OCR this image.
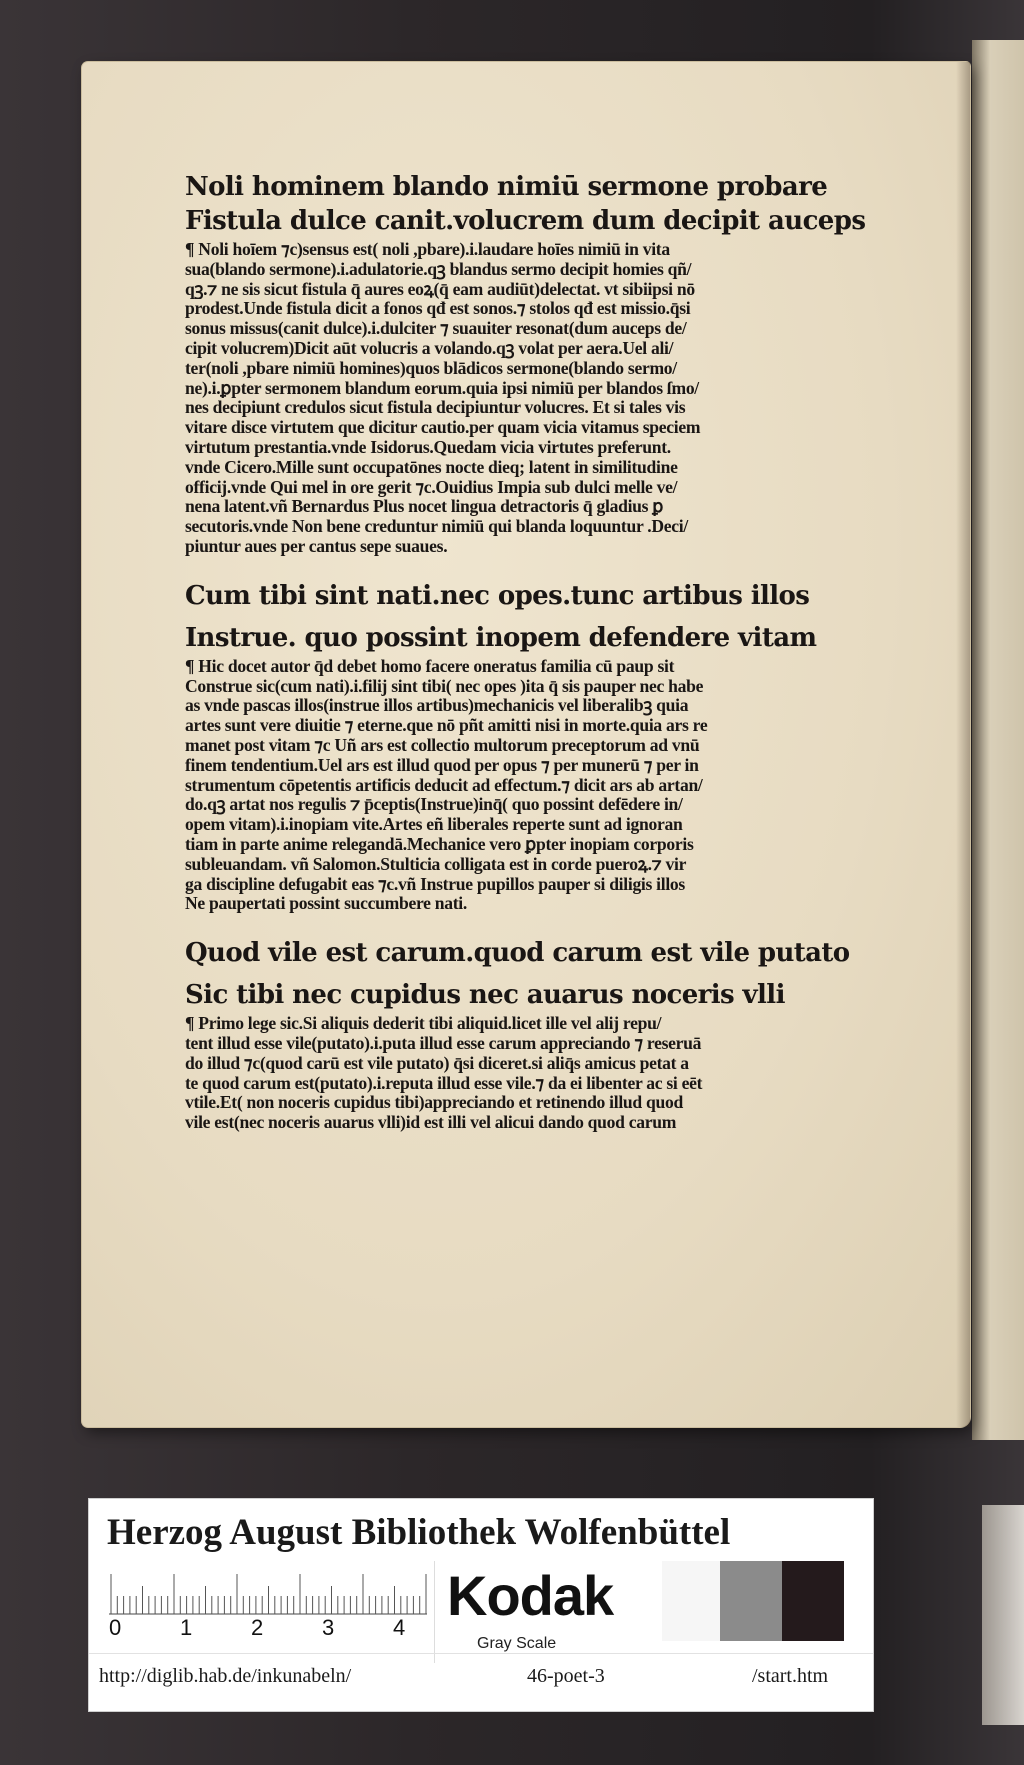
Noli hominem blando nimiū sermone probare

Fistula dulce canit.volucrem dum decipit auceps

¶ Noli hoīem ⁊c)sensus est( noli ,pbare).i.laudare hoīes nimiū in vita
sua(blando sermone).i.adulatorie.qꝫ blandus sermo decipit homies qñ/
qꝫ.⁊ ne sis sicut fistula q̄ aures eoꝝ(q̄ eam audiūt)delectat. vt sibiipsi nō
prodest.Unde fistula dicit a fonos qđ est sonos.⁊ stolos qđ est missio.q̄si
sonus missus(canit dulce).i.dulciter ⁊ suauiter resonat(dum auceps de/
cipit volucrem)Dicit aūt volucris a volando.qꝫ volat per aera.Uel ali/
ter(noli ,pbare nimiū homines)quos blādicos sermone(blando sermo/
ne).i.ꝑpter sermonem blandum eorum.quia ipsi nimiū per blandos ſmo/
nes decipiunt credulos sicut fistula decipiuntur volucres. Et si tales vis
vitare disce virtutem que dicitur cautio.per quam vicia vitamus speciem
virtutum prestantia.vnde Isidorus.Quedam vicia virtutes preferunt.
vnde Cicero.Mille sunt occupatōnes nocte dieq; latent in similitudine
officij.vnde Qui mel in ore gerit ⁊c.Ouidius Impia sub dulci melle ve/
nena latent.vñ Bernardus Plus nocet lingua detractoris q̄ gladius ꝑ
secutoris.vnde Non bene creduntur nimiū qui blanda loquuntur .Deci/
piuntur aues per cantus sepe suaues.

Cum tibi sint nati.nec opes.tunc artibus illos

Instrue. quo possint inopem defendere vitam

¶ Hic docet autor q̄d debet homo facere oneratus familia cū paup sit
Construe sic(cum nati).i.filij sint tibi( nec opes )ita q̄ sis pauper nec habe
as vnde pascas illos(instrue illos artibus)mechanicis vel liberalibꝫ quia
artes sunt vere diuitie ⁊ eterne.que nō pñt amitti nisi in morte.quia ars re
manet post vitam ⁊c Uñ ars est collectio multorum preceptorum ad vnū
finem tendentium.Uel ars est illud quod per opus ⁊ per munerū ⁊ per in
strumentum cōpetentis artificis deducit ad effectum.⁊ dicit ars ab artan/
do.qꝫ artat nos regulis ⁊ p̄ceptis(Instrue)inq̄( quo possint defēdere in/
opem vitam).i.inopiam vite.Artes eñ liberales reperte sunt ad ignoran
tiam in parte anime relegandā.Mechanice vero ꝑpter inopiam corporis
subleuandam. vñ Salomon.Stulticia colligata est in corde pueroꝝ.⁊ vir
ga discipline defugabit eas ⁊c.vñ Instrue pupillos pauper si diligis illos
Ne paupertati possint succumbere nati.

Quod vile est carum.quod carum est vile putato

Sic tibi nec cupidus nec auarus noceris vlli

¶ Primo lege sic.Si aliquis dederit tibi aliquid.licet ille vel alij repu/
tent illud esse vile(putato).i.puta illud esse carum appreciando ⁊ reseruā
do illud ⁊c(quod carū est vile putato) q̄si diceret.si aliq̄s amicus petat a
te quod carum est(putato).i.reputa illud esse vile.⁊ da ei libenter ac si eēt
vtile.Et( non noceris cupidus tibi)appreciando et retinendo illud quod
vile est(nec noceris auarus vlli)id est illi vel alicui dando quod carum
Herzog August Bibliothek Wolfenbüttel
0	1	2	3	4
Kodak
Gray Scale
http://diglib.hab.de/inkunabeln/	46-poet-3	/start.htm
